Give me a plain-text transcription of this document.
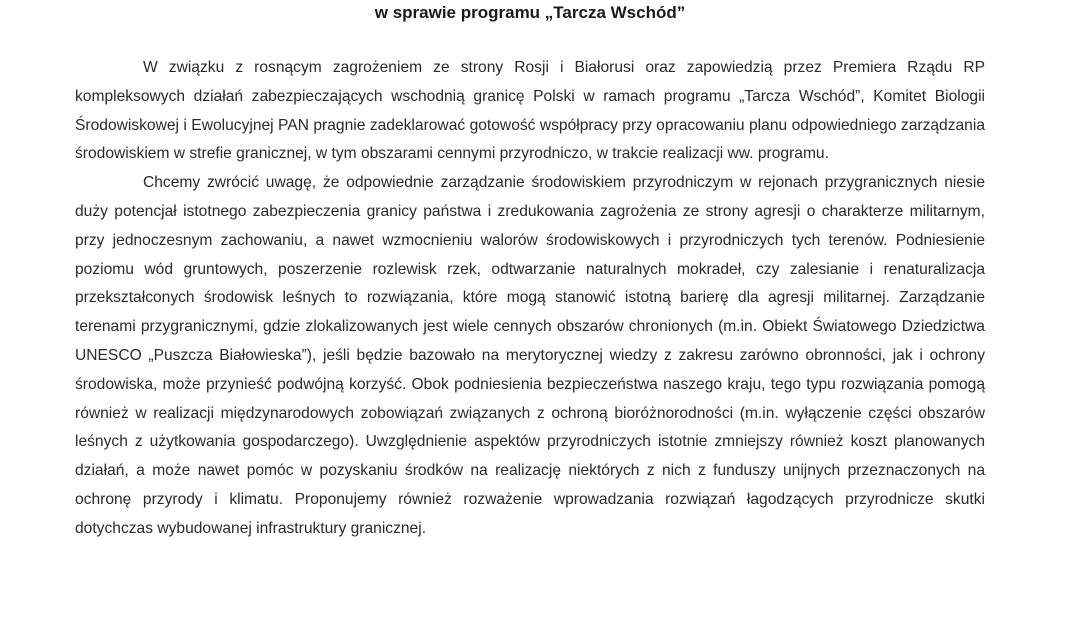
w sprawie programu „Tarcza Wschód”

W związku z rosnącym zagrożeniem ze strony Rosji i Białorusi oraz zapowiedzią przez Premiera Rządu RP kompleksowych działań zabezpieczających wschodnią granicę Polski w ramach programu „Tarcza Wschód”, Komitet Biologii Środowiskowej i Ewolucyjnej PAN pragnie zadeklarować gotowość współpracy przy opracowaniu planu odpowiedniego zarządzania środowiskiem w strefie granicznej, w tym obszarami cennymi przyrodniczo, w trakcie realizacji ww. programu.

Chcemy zwrócić uwagę, że odpowiednie zarządzanie środowiskiem przyrodniczym w rejonach przygranicznych niesie duży potencjał istotnego zabezpieczenia granicy państwa i zredukowania zagrożenia ze strony agresji o charakterze militarnym, przy jednoczesnym zachowaniu, a nawet wzmocnieniu walorów środowiskowych i przyrodniczych tych terenów. Podniesienie poziomu wód gruntowych, poszerzenie rozlewisk rzek, odtwarzanie naturalnych mokradeł, czy zalesianie i renaturalizacja przekształconych środowisk leśnych to rozwiązania, które mogą stanowić istotną barierę dla agresji militarnej. Zarządzanie terenami przygranicznymi, gdzie zlokalizowanych jest wiele cennych obszarów chronionych (m.in. Obiekt Światowego Dziedzictwa UNESCO „Puszcza Białowieska”), jeśli będzie bazowało na merytorycznej wiedzy z zakresu zarówno obronności, jak i ochrony środowiska, może przynieść podwójną korzyść. Obok podniesienia bezpieczeństwa naszego kraju, tego typu rozwiązania pomogą również w realizacji międzynarodowych zobowiązań związanych z ochroną bioróżnorodności (m.in. wyłączenie części obszarów leśnych z użytkowania gospodarczego). Uwzględnienie aspektów przyrodniczych istotnie zmniejszy również koszt planowanych działań, a może nawet pomóc w pozyskaniu środków na realizację niektórych z nich z funduszy unijnych przeznaczonych na ochronę przyrody i klimatu. Proponujemy również rozważenie wprowadzania rozwiązań łagodzących przyrodnicze skutki dotychczas wybudowanej infrastruktury granicznej.
